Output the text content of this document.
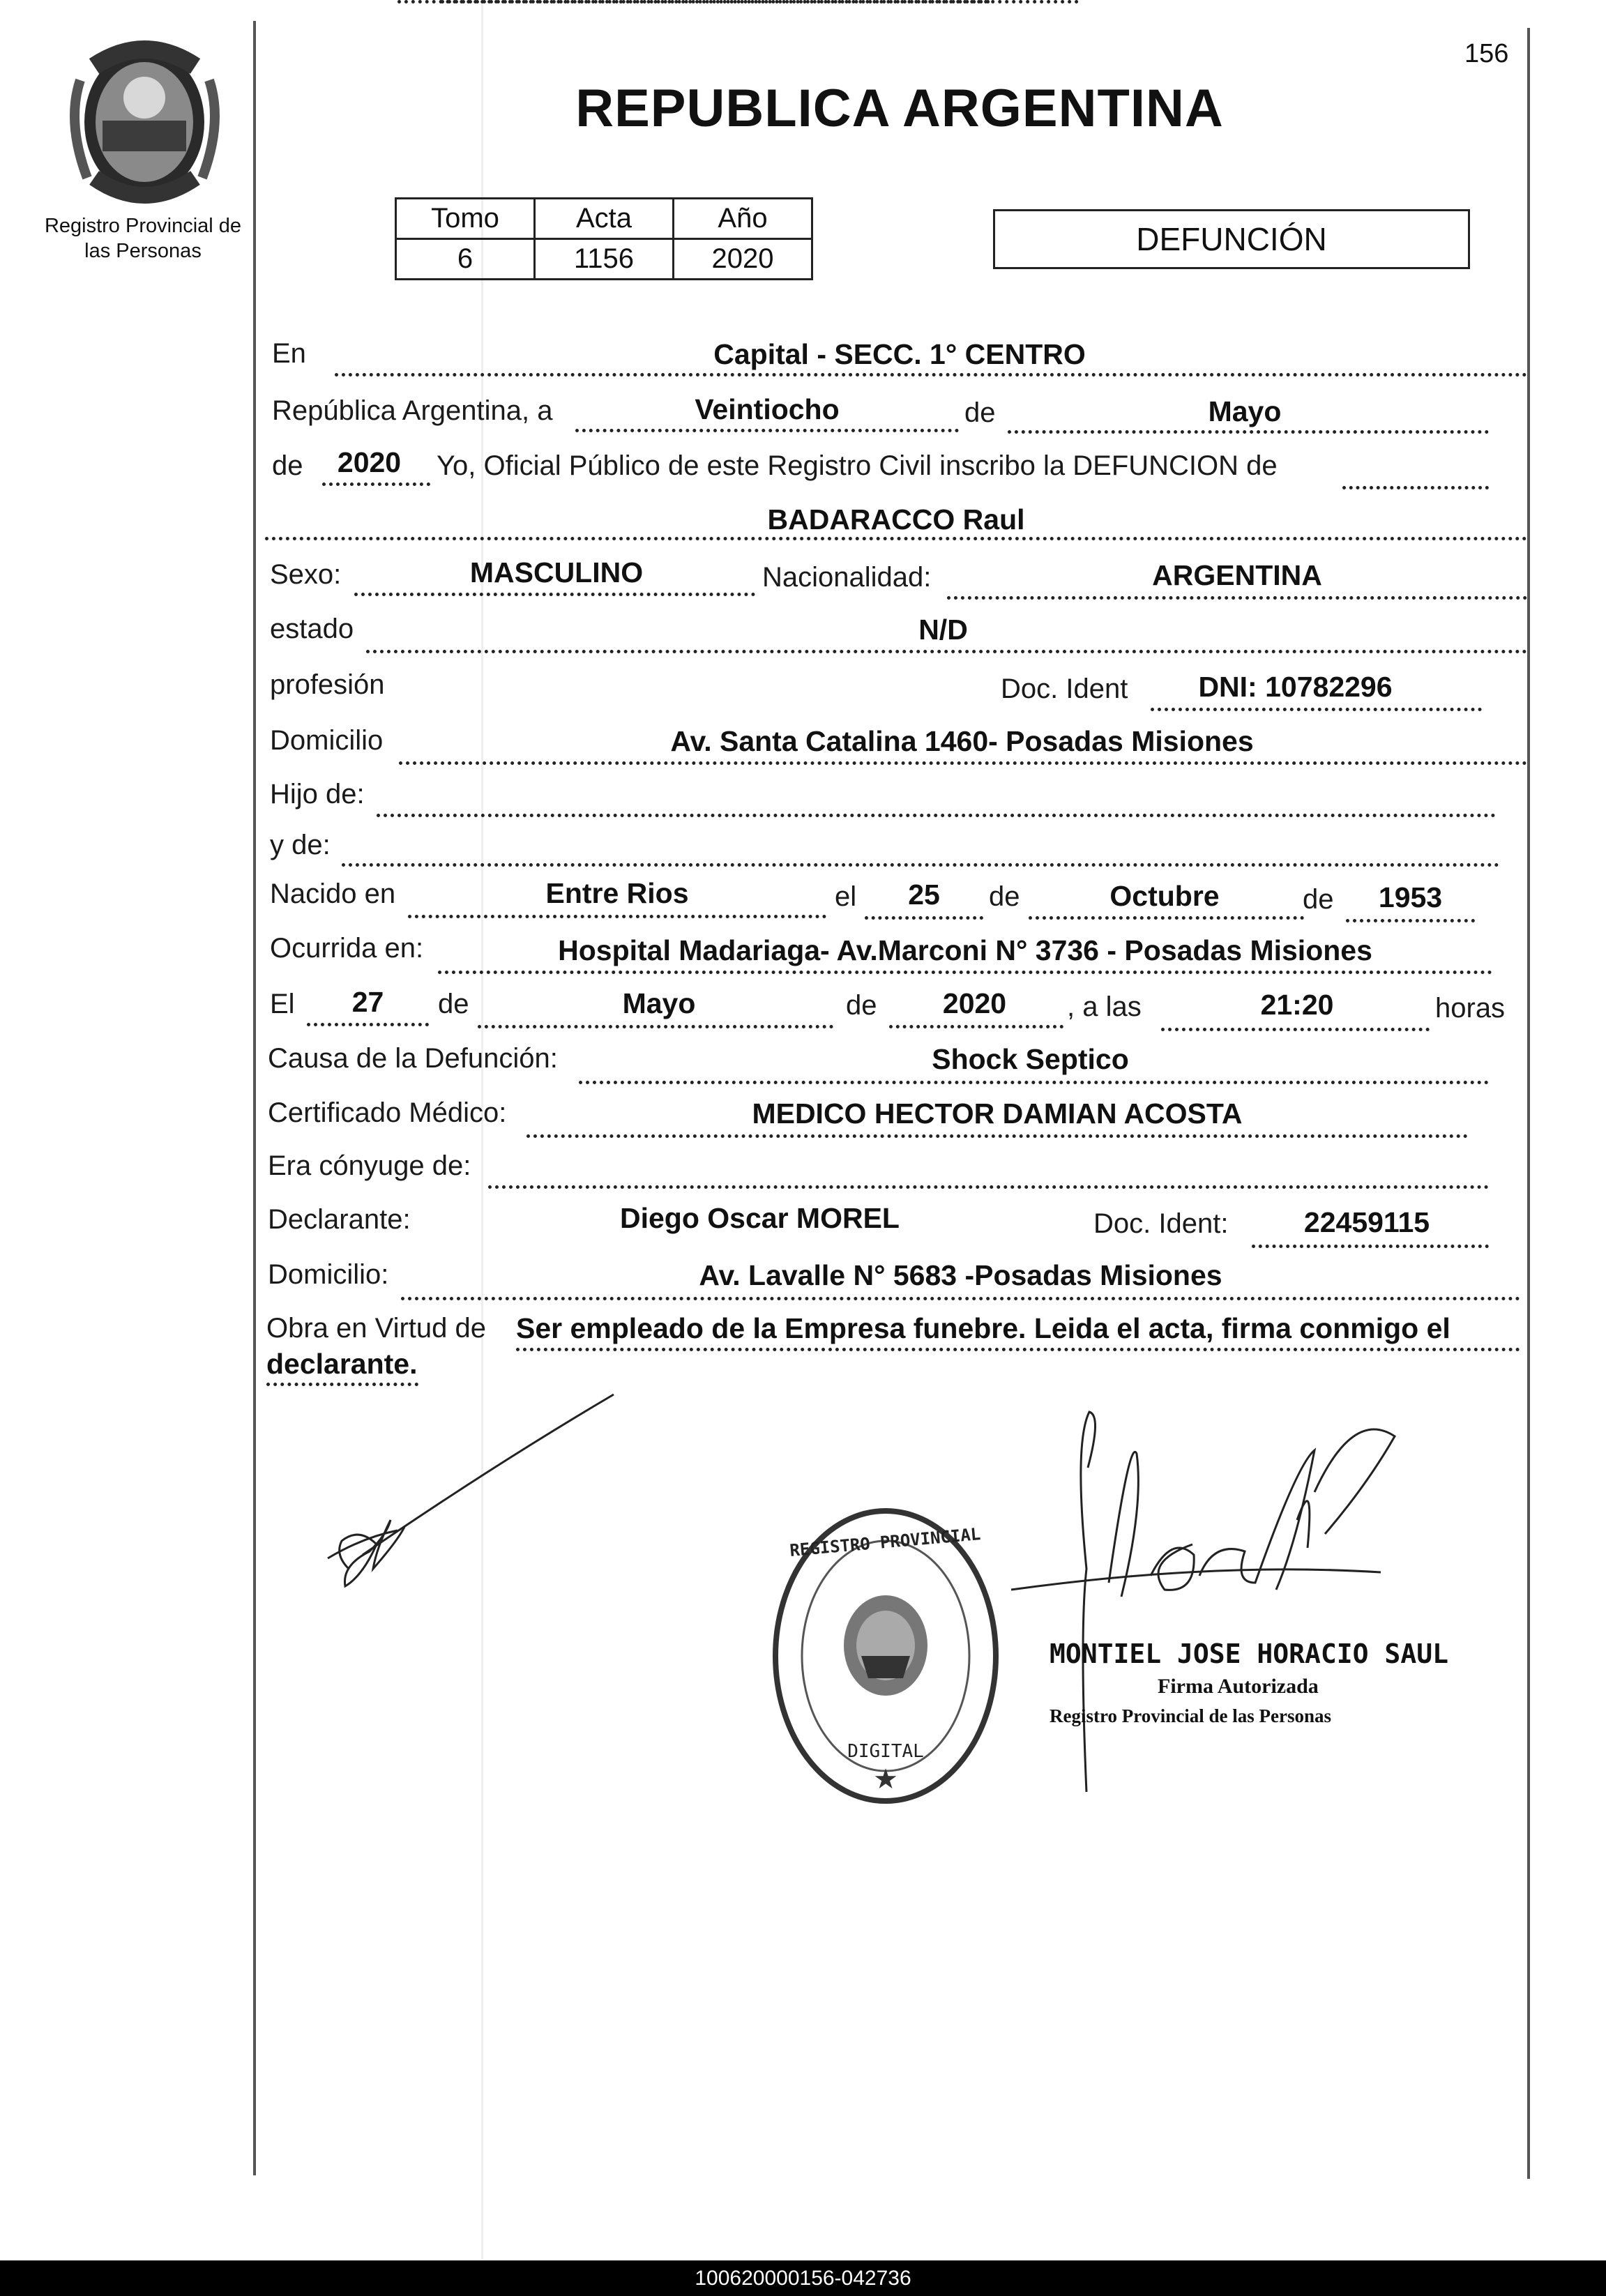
Registro Provincial de
las Personas
156
REPUBLICA ARGENTINA
Tomo	Acta	Año
6	1156	2020
DEFUNCIÓN
En	Capital - SECC. 1° CENTRO
República Argentina, a	Veintiocho	de	Mayo
de	2020	Yo, Oficial Público de este Registro Civil inscribo la DEFUNCION de
BADARACCO Raul
Sexo:	MASCULINO	Nacionalidad:	ARGENTINA
estado	N/D
profesión	Doc. Ident	DNI: 10782296
Domicilio	Av. Santa Catalina 1460- Posadas Misiones
Hijo de:
y de:
Nacido en	Entre Rios	el	25	de	Octubre	de	1953
Ocurrida en:	Hospital Madariaga- Av.Marconi N° 3736 - Posadas Misiones
El	27	de	Mayo	de	2020	, a las	21:20	horas
Causa de la Defunción:	Shock Septico
Certificado Médico:	MEDICO HECTOR DAMIAN ACOSTA
Era cónyuge de:
Declarante:	Diego Oscar MOREL	Doc. Ident:	22459115
Domicilio:	Av. Lavalle N° 5683 -Posadas Misiones
Obra en Virtud de Ser empleado de la Empresa funebre. Leida el acta, firma conmigo el
declarante.
★
REGISTRO PROVINCIAL
DIGITAL
MONTIEL JOSE HORACIO SAUL
Firma Autorizada
Registro Provincial de las Personas
100620000156-042736
